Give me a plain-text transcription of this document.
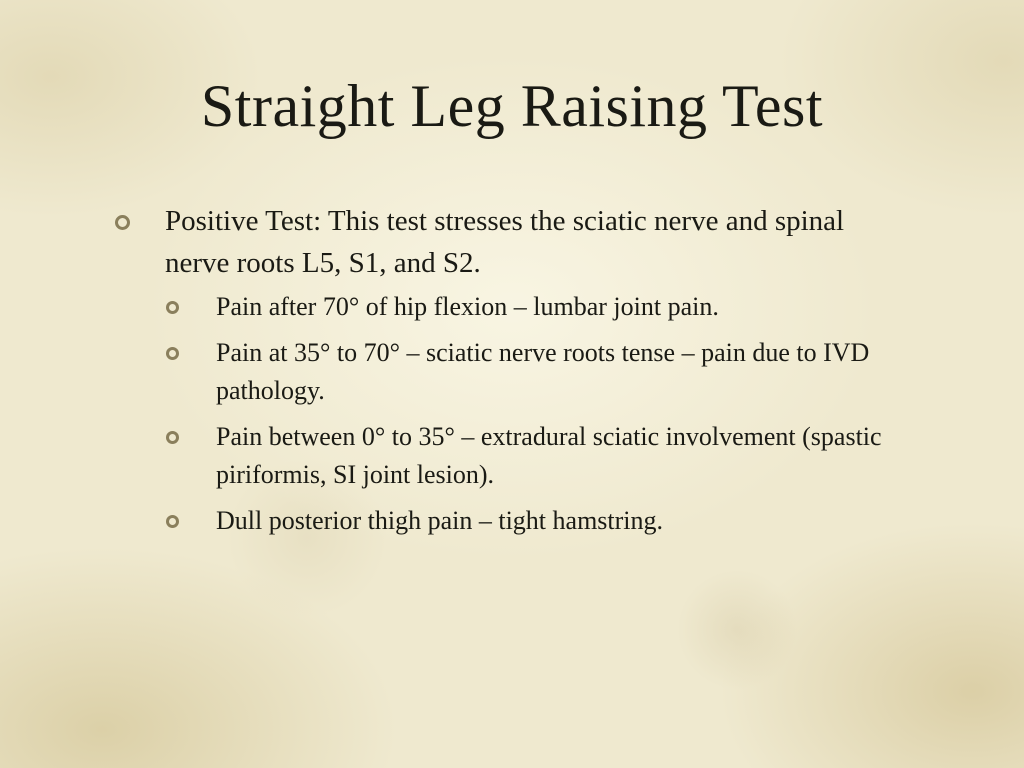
Straight Leg Raising Test
Positive Test: This test stresses the sciatic nerve and spinal nerve roots L5, S1, and S2.
Pain after 70° of hip flexion – lumbar joint pain.
Pain at 35° to 70° – sciatic nerve roots tense – pain due to IVD pathology.
Pain between 0° to 35° – extradural sciatic involvement (spastic piriformis, SI joint lesion).
Dull posterior thigh pain – tight hamstring.
